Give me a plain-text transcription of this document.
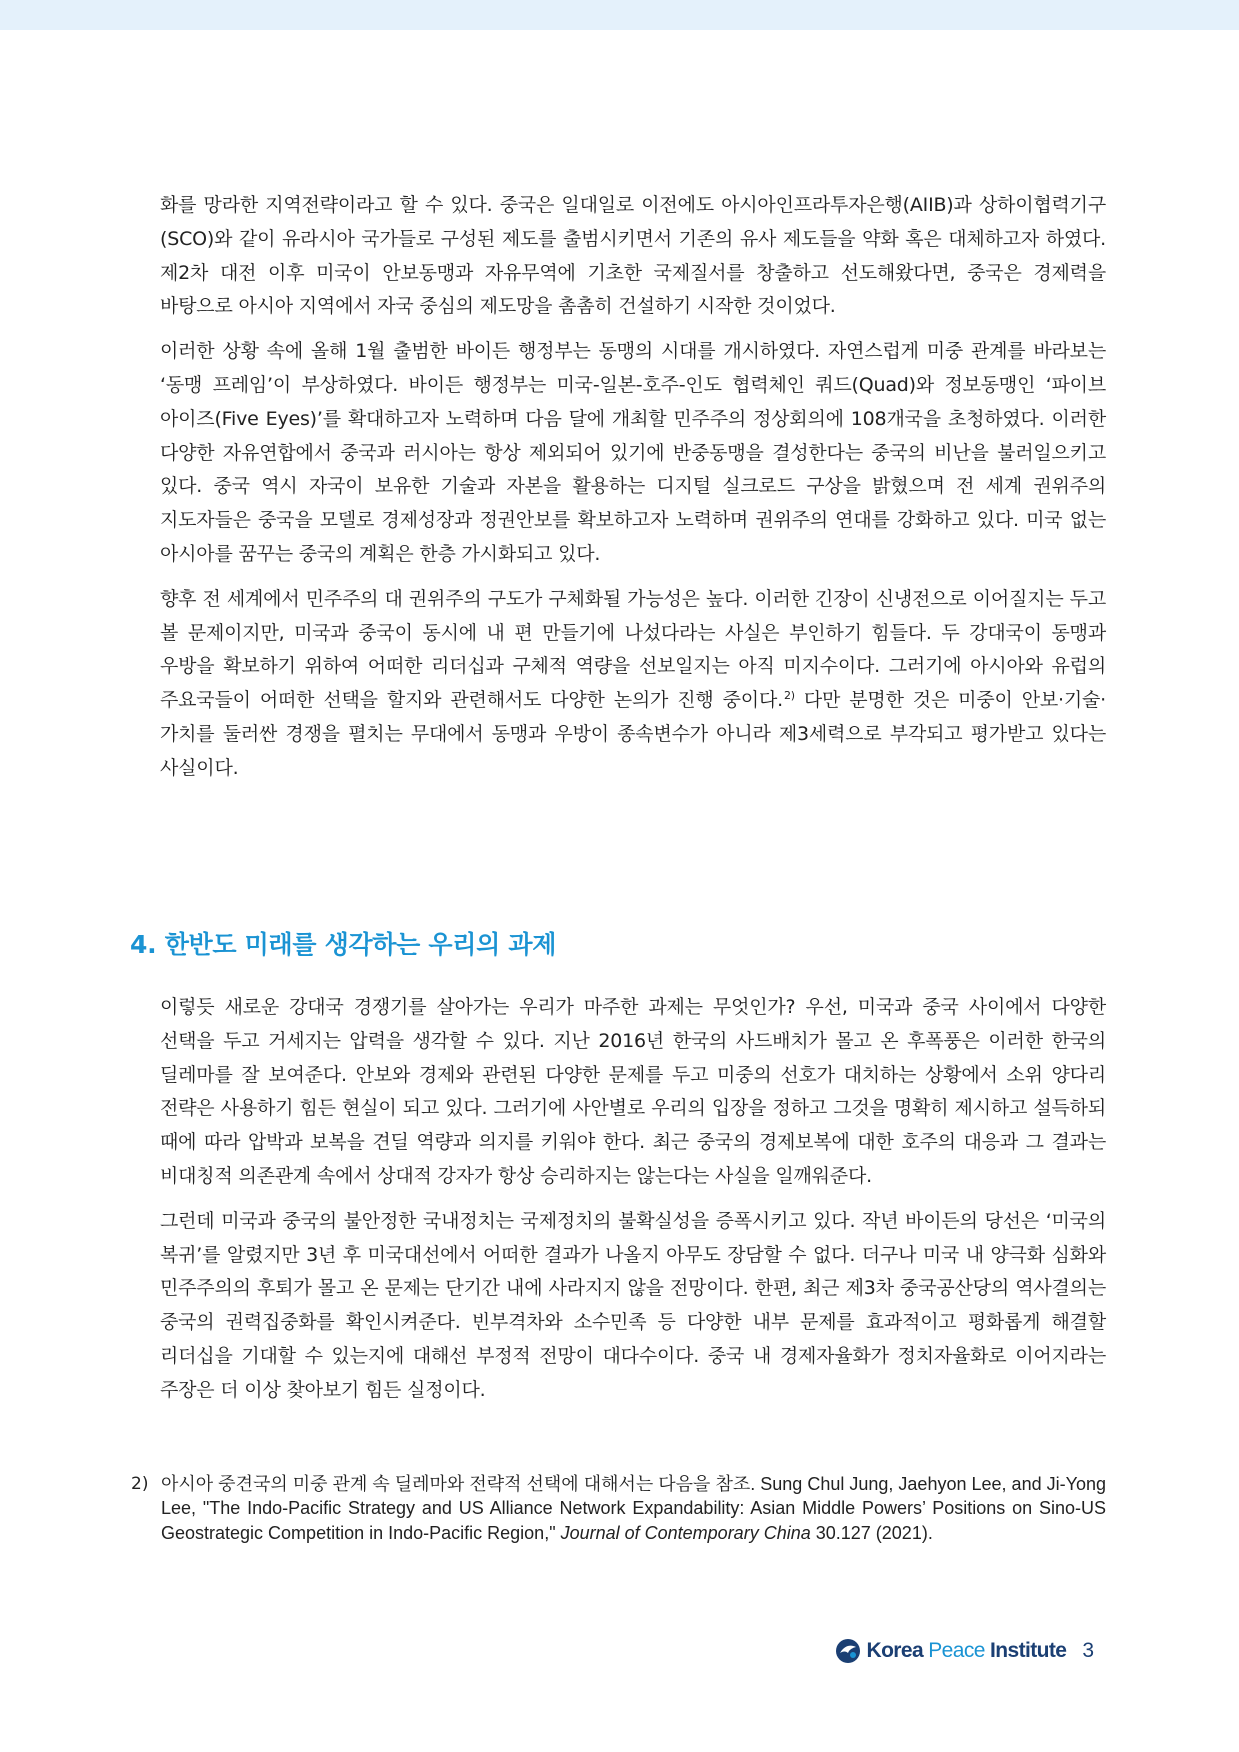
화를 망라한 지역전략이라고 할 수 있다. 중국은 일대일로 이전에도 아시아인프라투자은행(AIIB)과 상하이협력기구(SCO)와 같이 유라시아 국가들로 구성된 제도를 출범시키면서 기존의 유사 제도들을 약화 혹은 대체하고자 하였다. 제2차 대전 이후 미국이 안보동맹과 자유무역에 기초한 국제질서를 창출하고 선도해왔다면, 중국은 경제력을 바탕으로 아시아 지역에서 자국 중심의 제도망을 촘촘히 건설하기 시작한 것이었다.

이러한 상황 속에 올해 1월 출범한 바이든 행정부는 동맹의 시대를 개시하였다. 자연스럽게 미중 관계를 바라보는 ‘동맹 프레임’이 부상하였다. 바이든 행정부는 미국-일본-호주-인도 협력체인 쿼드(Quad)와 정보동맹인 ‘파이브 아이즈(Five Eyes)’를 확대하고자 노력하며 다음 달에 개최할 민주주의 정상회의에 108개국을 초청하였다. 이러한 다양한 자유연합에서 중국과 러시아는 항상 제외되어 있기에 반중동맹을 결성한다는 중국의 비난을 불러일으키고 있다. 중국 역시 자국이 보유한 기술과 자본을 활용하는 디지털 실크로드 구상을 밝혔으며 전 세계 권위주의 지도자들은 중국을 모델로 경제성장과 정권안보를 확보하고자 노력하며 권위주의 연대를 강화하고 있다. 미국 없는 아시아를 꿈꾸는 중국의 계획은 한층 가시화되고 있다.

향후 전 세계에서 민주주의 대 권위주의 구도가 구체화될 가능성은 높다. 이러한 긴장이 신냉전으로 이어질지는 두고 볼 문제이지만, 미국과 중국이 동시에 내 편 만들기에 나섰다라는 사실은 부인하기 힘들다. 두 강대국이 동맹과 우방을 확보하기 위하여 어떠한 리더십과 구체적 역량을 선보일지는 아직 미지수이다. 그러기에 아시아와 유럽의 주요국들이 어떠한 선택을 할지와 관련해서도 다양한 논의가 진행 중이다.$^{2)}$ 다만 분명한 것은 미중이 안보·기술·가치를 둘러싼 경쟁을 펼치는 무대에서 동맹과 우방이 종속변수가 아니라 제3세력으로 부각되고 평가받고 있다는 사실이다.

4. 한반도 미래를 생각하는 우리의 과제

이렇듯 새로운 강대국 경쟁기를 살아가는 우리가 마주한 과제는 무엇인가? 우선, 미국과 중국 사이에서 다양한 선택을 두고 거세지는 압력을 생각할 수 있다. 지난 2016년 한국의 사드배치가 몰고 온 후폭풍은 이러한 한국의 딜레마를 잘 보여준다. 안보와 경제와 관련된 다양한 문제를 두고 미중의 선호가 대치하는 상황에서 소위 양다리 전략은 사용하기 힘든 현실이 되고 있다. 그러기에 사안별로 우리의 입장을 정하고 그것을 명확히 제시하고 설득하되 때에 따라 압박과 보복을 견딜 역량과 의지를 키워야 한다. 최근 중국의 경제보복에 대한 호주의 대응과 그 결과는 비대칭적 의존관계 속에서 상대적 강자가 항상 승리하지는 않는다는 사실을 일깨워준다.

그런데 미국과 중국의 불안정한 국내정치는 국제정치의 불확실성을 증폭시키고 있다. 작년 바이든의 당선은 ‘미국의 복귀’를 알렸지만 3년 후 미국대선에서 어떠한 결과가 나올지 아무도 장담할 수 없다. 더구나 미국 내 양극화 심화와 민주주의의 후퇴가 몰고 온 문제는 단기간 내에 사라지지 않을 전망이다. 한편, 최근 제3차 중국공산당의 역사결의는 중국의 권력집중화를 확인시켜준다. 빈부격차와 소수민족 등 다양한 내부 문제를 효과적이고 평화롭게 해결할 리더십을 기대할 수 있는지에 대해선 부정적 전망이 대다수이다. 중국 내 경제자율화가 정치자율화로 이어지라는 주장은 더 이상 찾아보기 힘든 실정이다.

2) 아시아 중견국의 미중 관계 속 딜레마와 전략적 선택에 대해서는 다음을 참조. Sung Chul Jung, Jaehyon Lee, and Ji-Yong Lee, "The Indo-Pacific Strategy and US Alliance Network Expandability: Asian Middle Powers’ Positions on Sino-US Geostrategic Competition in Indo-Pacific Region," Journal of Contemporary China 30.127 (2021).
Korea Peace Institute 3
